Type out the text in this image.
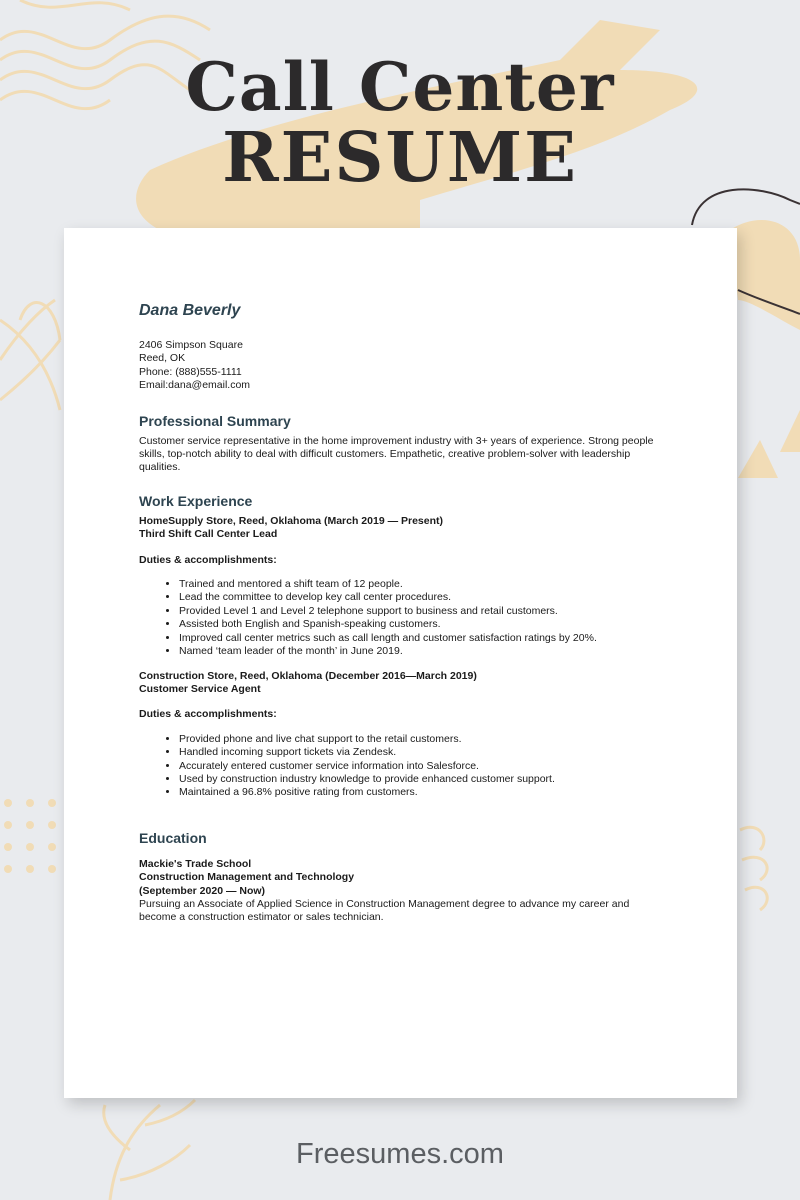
Call Center
RESUME

Dana Beverly

2406 Simpson Square

Reed, OK

Phone: (888)555-1111

Email:dana@email.com

Professional Summary

Customer service representative in the home improvement industry with 3+ years of experience. Strong people skills, top-notch ability to deal with difficult customers. Empathetic, creative problem-solver with leadership qualities.

Work Experience

HomeSupply Store, Reed, Oklahoma (March 2019 — Present)

Third Shift Call Center Lead

Duties & accomplishments:

• Trained and mentored a shift team of 12 people.
• Lead the committee to develop key call center procedures.
• Provided Level 1 and Level 2 telephone support to business and retail customers.
• Assisted both English and Spanish-speaking customers.
• Improved call center metrics such as call length and customer satisfaction ratings by 20%.
• Named ‘team leader of the month’ in June 2019.

Construction Store, Reed, Oklahoma (December 2016—March 2019)

Customer Service Agent

Duties & accomplishments:

• Provided phone and live chat support to the retail customers.
• Handled incoming support tickets via Zendesk.
• Accurately entered customer service information into Salesforce.
• Used by construction industry knowledge to provide enhanced customer support.
• Maintained a 96.8% positive rating from customers.

Education

Mackie's Trade School

Construction Management and Technology

(September 2020 — Now)

Pursuing an Associate of Applied Science in Construction Management degree to advance my career and become a construction estimator or sales technician.

Freesumes.com
